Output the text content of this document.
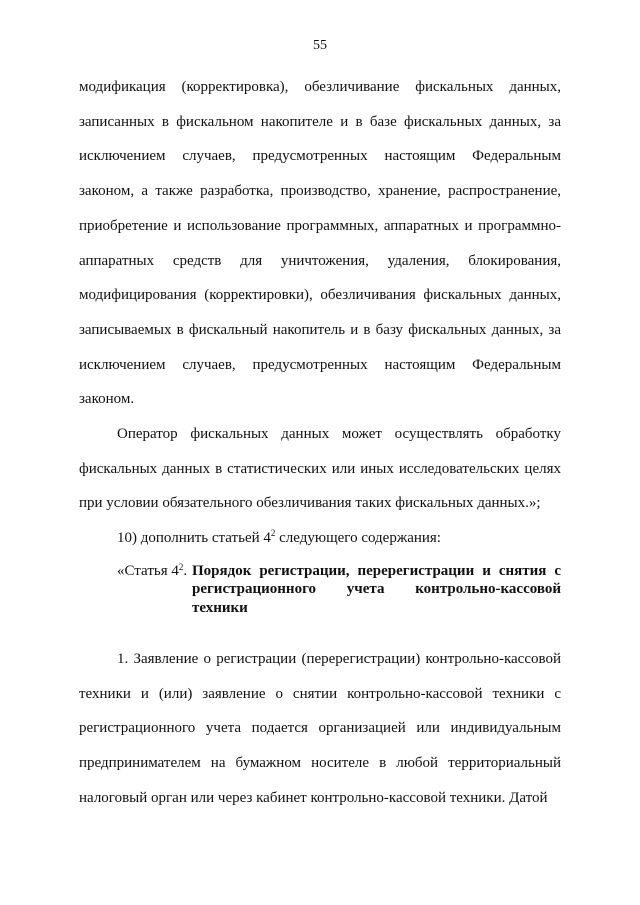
55

модификация (корректировка), обезличивание фискальных данных, записанных в фискальном накопителе и в базе фискальных данных, за исключением случаев, предусмотренных настоящим Федеральным законом, а также разработка, производство, хранение, распространение, приобретение и использование программных, аппаратных и программно-аппаратных средств для уничтожения, удаления, блокирования, модифицирования (корректировки), обезличивания фискальных данных, записываемых в фискальный накопитель и в базу фискальных данных, за исключением случаев, предусмотренных настоящим Федеральным законом.

Оператор фискальных данных может осуществлять обработку фискальных данных в статистических или иных исследовательских целях при условии обязательного обезличивания таких фискальных данных.»;

10) дополнить статьей $4^2$ следующего содержания:
«Статья $4^2$. Порядок регистрации, перерегистрации и снятия с регистрационного учета контрольно-кассовой техники

1. Заявление о регистрации (перерегистрации) контрольно-кассовой техники и (или) заявление о снятии контрольно-кассовой техники с регистрационного учета подается организацией или индивидуальным предпринимателем на бумажном носителе в любой территориальный налоговый орган или через кабинет контрольно-кассовой техники. Датой
